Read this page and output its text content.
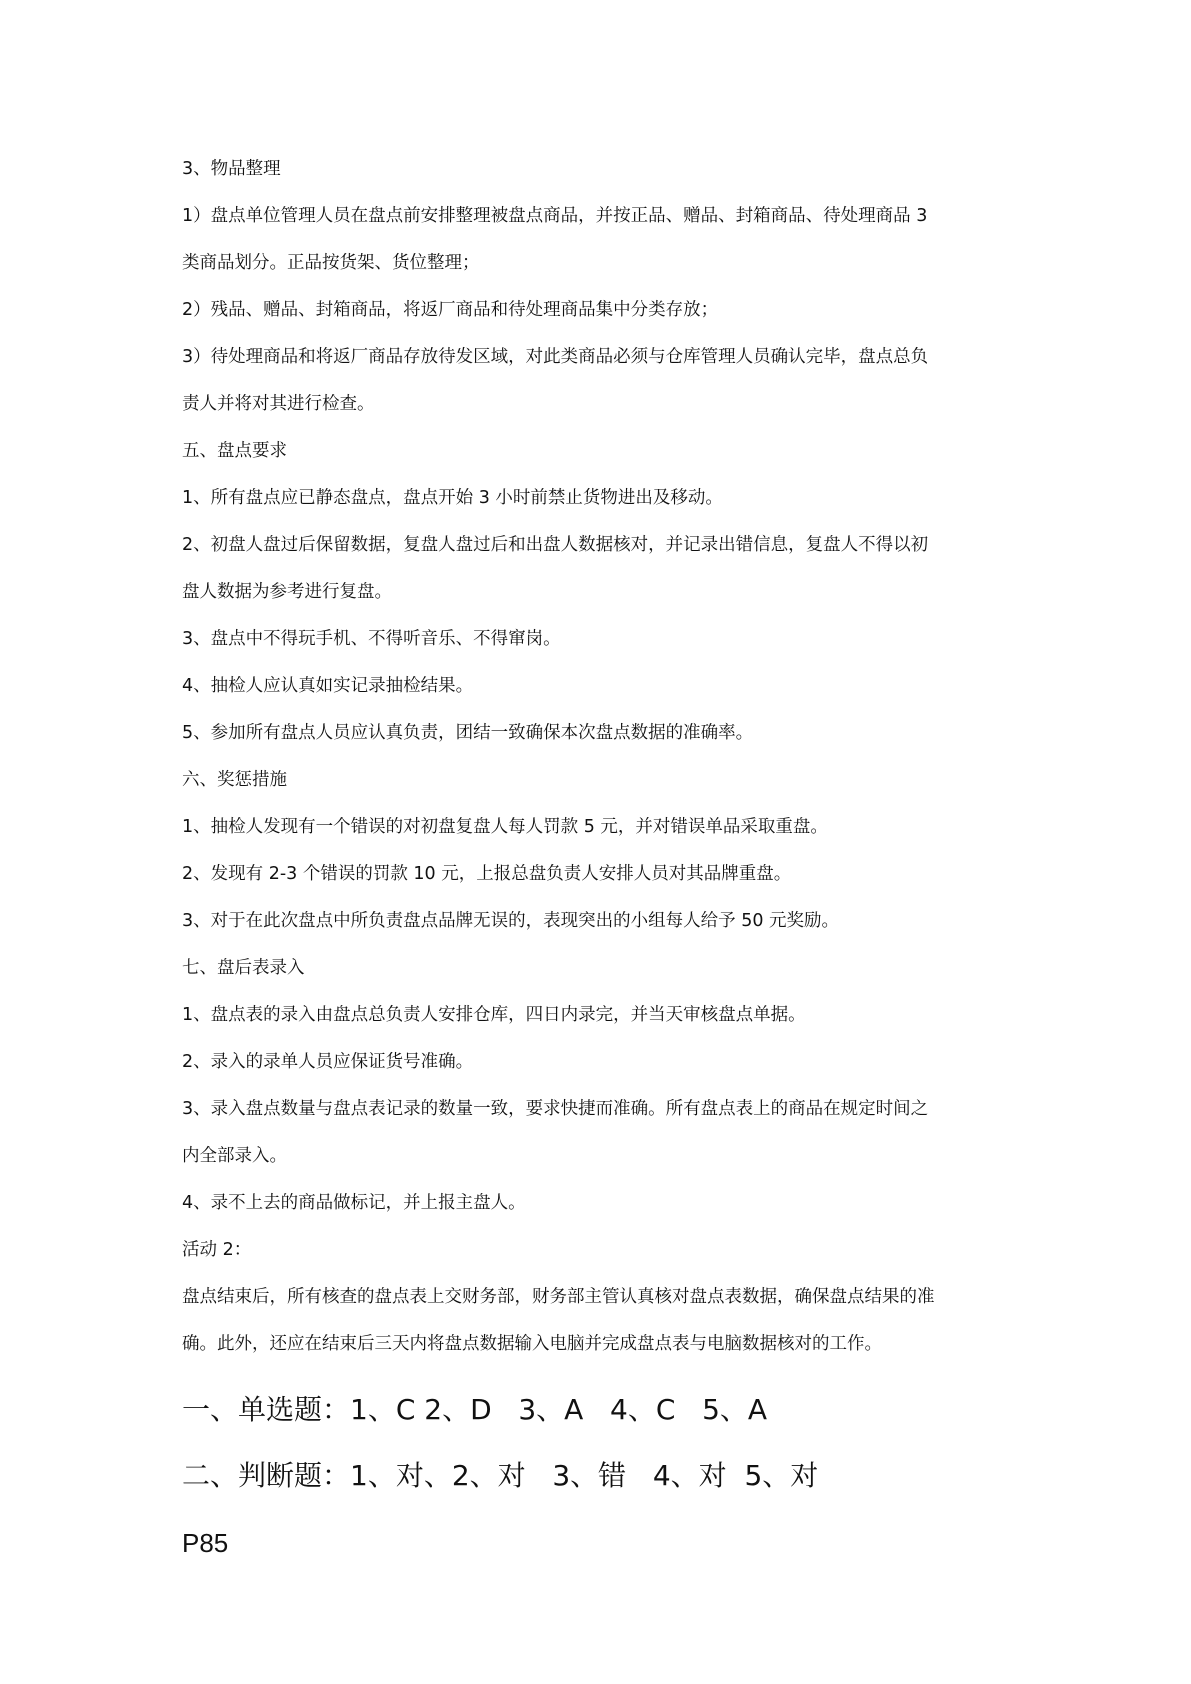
3、物品整理

1）盘点单位管理人员在盘点前安排整理被盘点商品，并按正品、赠品、封箱商品、待处理商品 3

类商品划分。正品按货架、货位整理；

2）残品、赠品、封箱商品，将返厂商品和待处理商品集中分类存放；

3）待处理商品和将返厂商品存放待发区域，对此类商品必须与仓库管理人员确认完毕，盘点总负

责人并将对其进行检查。

五、盘点要求

1、所有盘点应已静态盘点，盘点开始 3 小时前禁止货物进出及移动。

2、初盘人盘过后保留数据，复盘人盘过后和出盘人数据核对，并记录出错信息，复盘人不得以初

盘人数据为参考进行复盘。

3、盘点中不得玩手机、不得听音乐、不得窜岗。

4、抽检人应认真如实记录抽检结果。

5、参加所有盘点人员应认真负责，团结一致确保本次盘点数据的准确率。

六、奖惩措施

1、抽检人发现有一个错误的对初盘复盘人每人罚款 5 元，并对错误单品采取重盘。

2、发现有 2-3 个错误的罚款 10 元，上报总盘负责人安排人员对其品牌重盘。

3、对于在此次盘点中所负责盘点品牌无误的，表现突出的小组每人给予 50 元奖励。

七、盘后表录入

1、盘点表的录入由盘点总负责人安排仓库，四日内录完，并当天审核盘点单据。

2、录入的录单人员应保证货号准确。

3、录入盘点数量与盘点表记录的数量一致，要求快捷而准确。所有盘点表上的商品在规定时间之

内全部录入。

4、录不上去的商品做标记，并上报主盘人。

活动 2：

盘点结束后，所有核查的盘点表上交财务部，财务部主管认真核对盘点表数据，确保盘点结果的准

确。此外，还应在结束后三天内将盘点数据输入电脑并完成盘点表与电脑数据核对的工作。

一、单选题：1、C 2、D   3、A   4、C   5、A

二、判断题：1、对、2、对   3、错   4、对  5、对

P85
